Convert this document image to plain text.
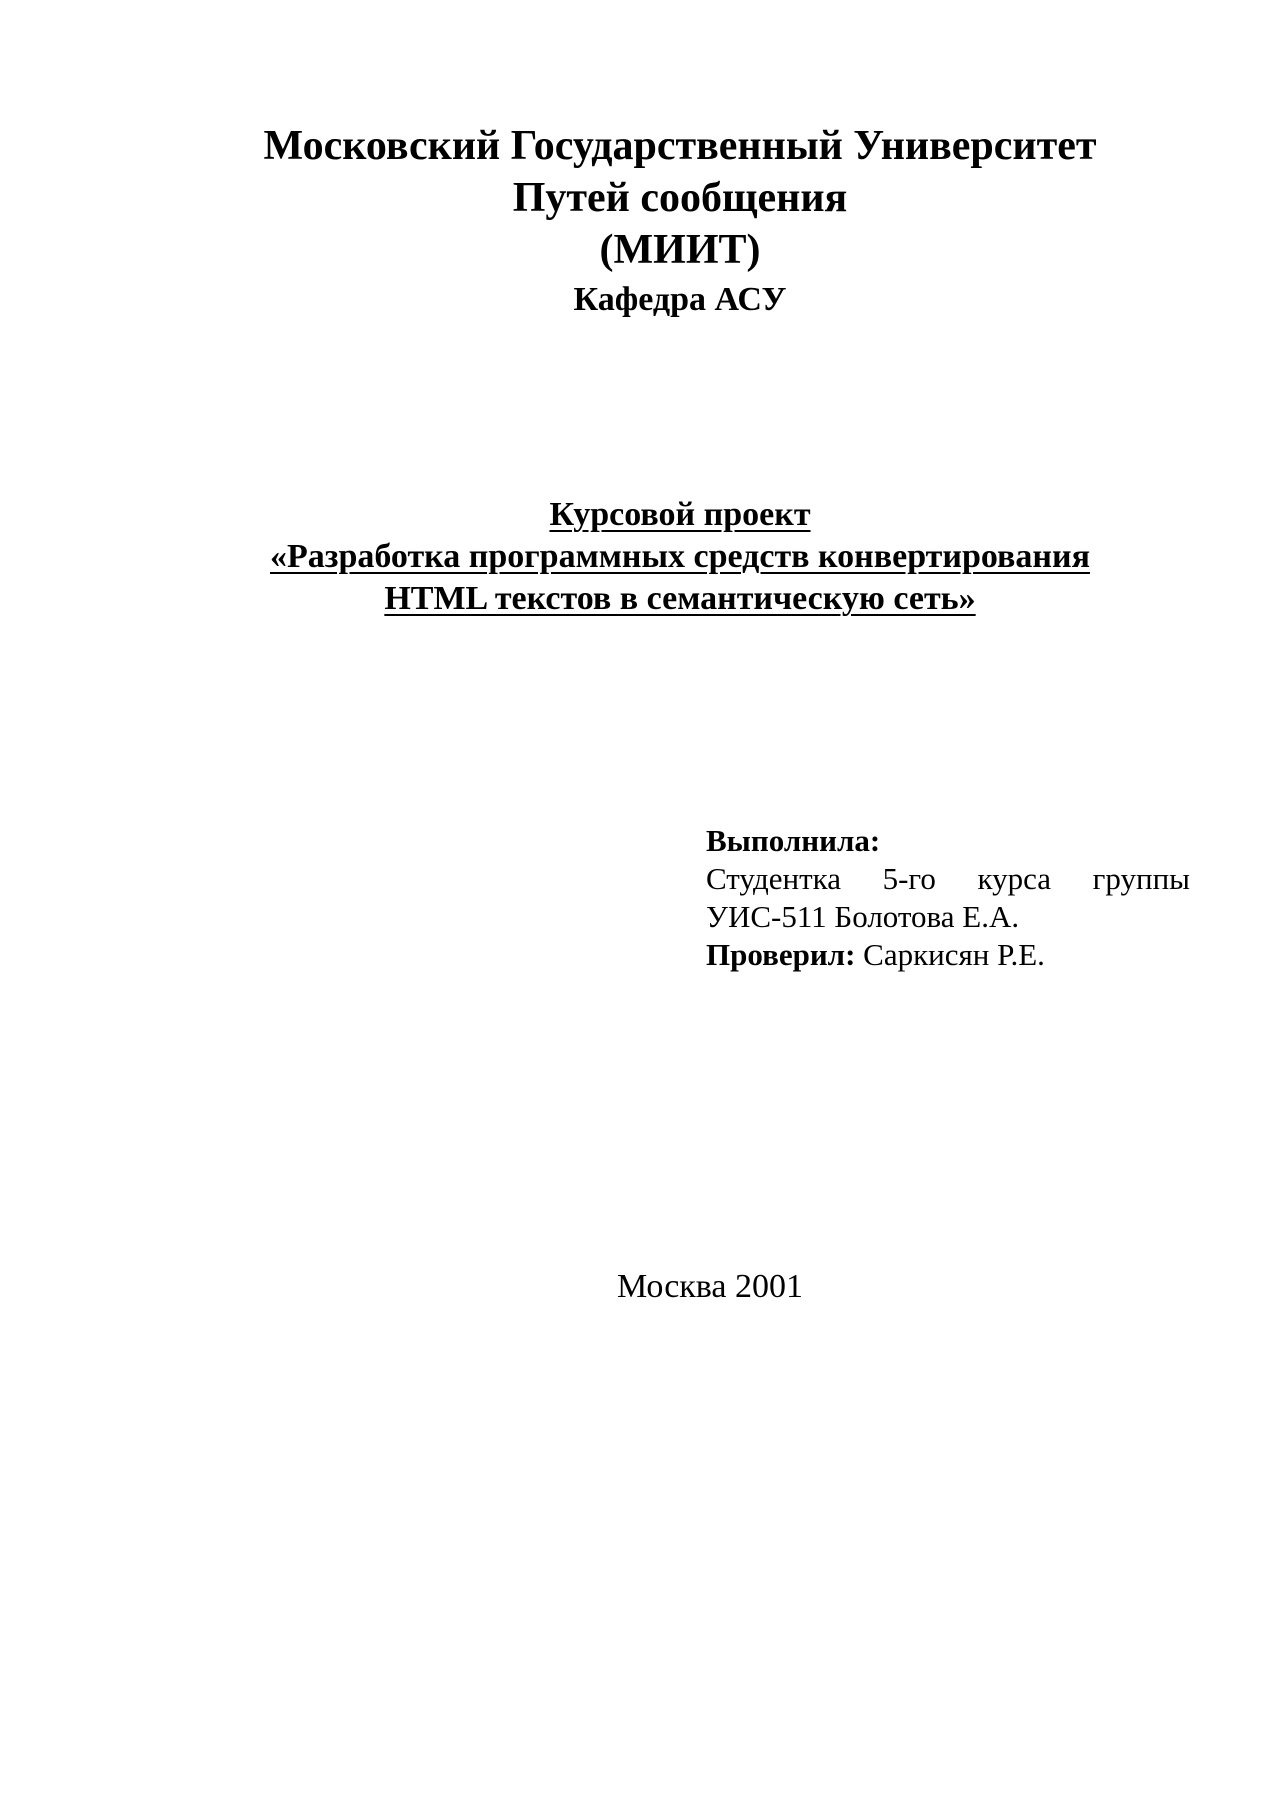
Московский Государственный Университет
Путей сообщения
(МИИТ)
Кафедра АСУ
Курсовой проект
«Разработка программных средств конвертирования
HTML текстов в семантическую сеть»
Выполнила:
Студентка 5-го курса группы
УИС-511 Болотова Е.А.
Проверил: Саркисян Р.Е.
Москва 2001
